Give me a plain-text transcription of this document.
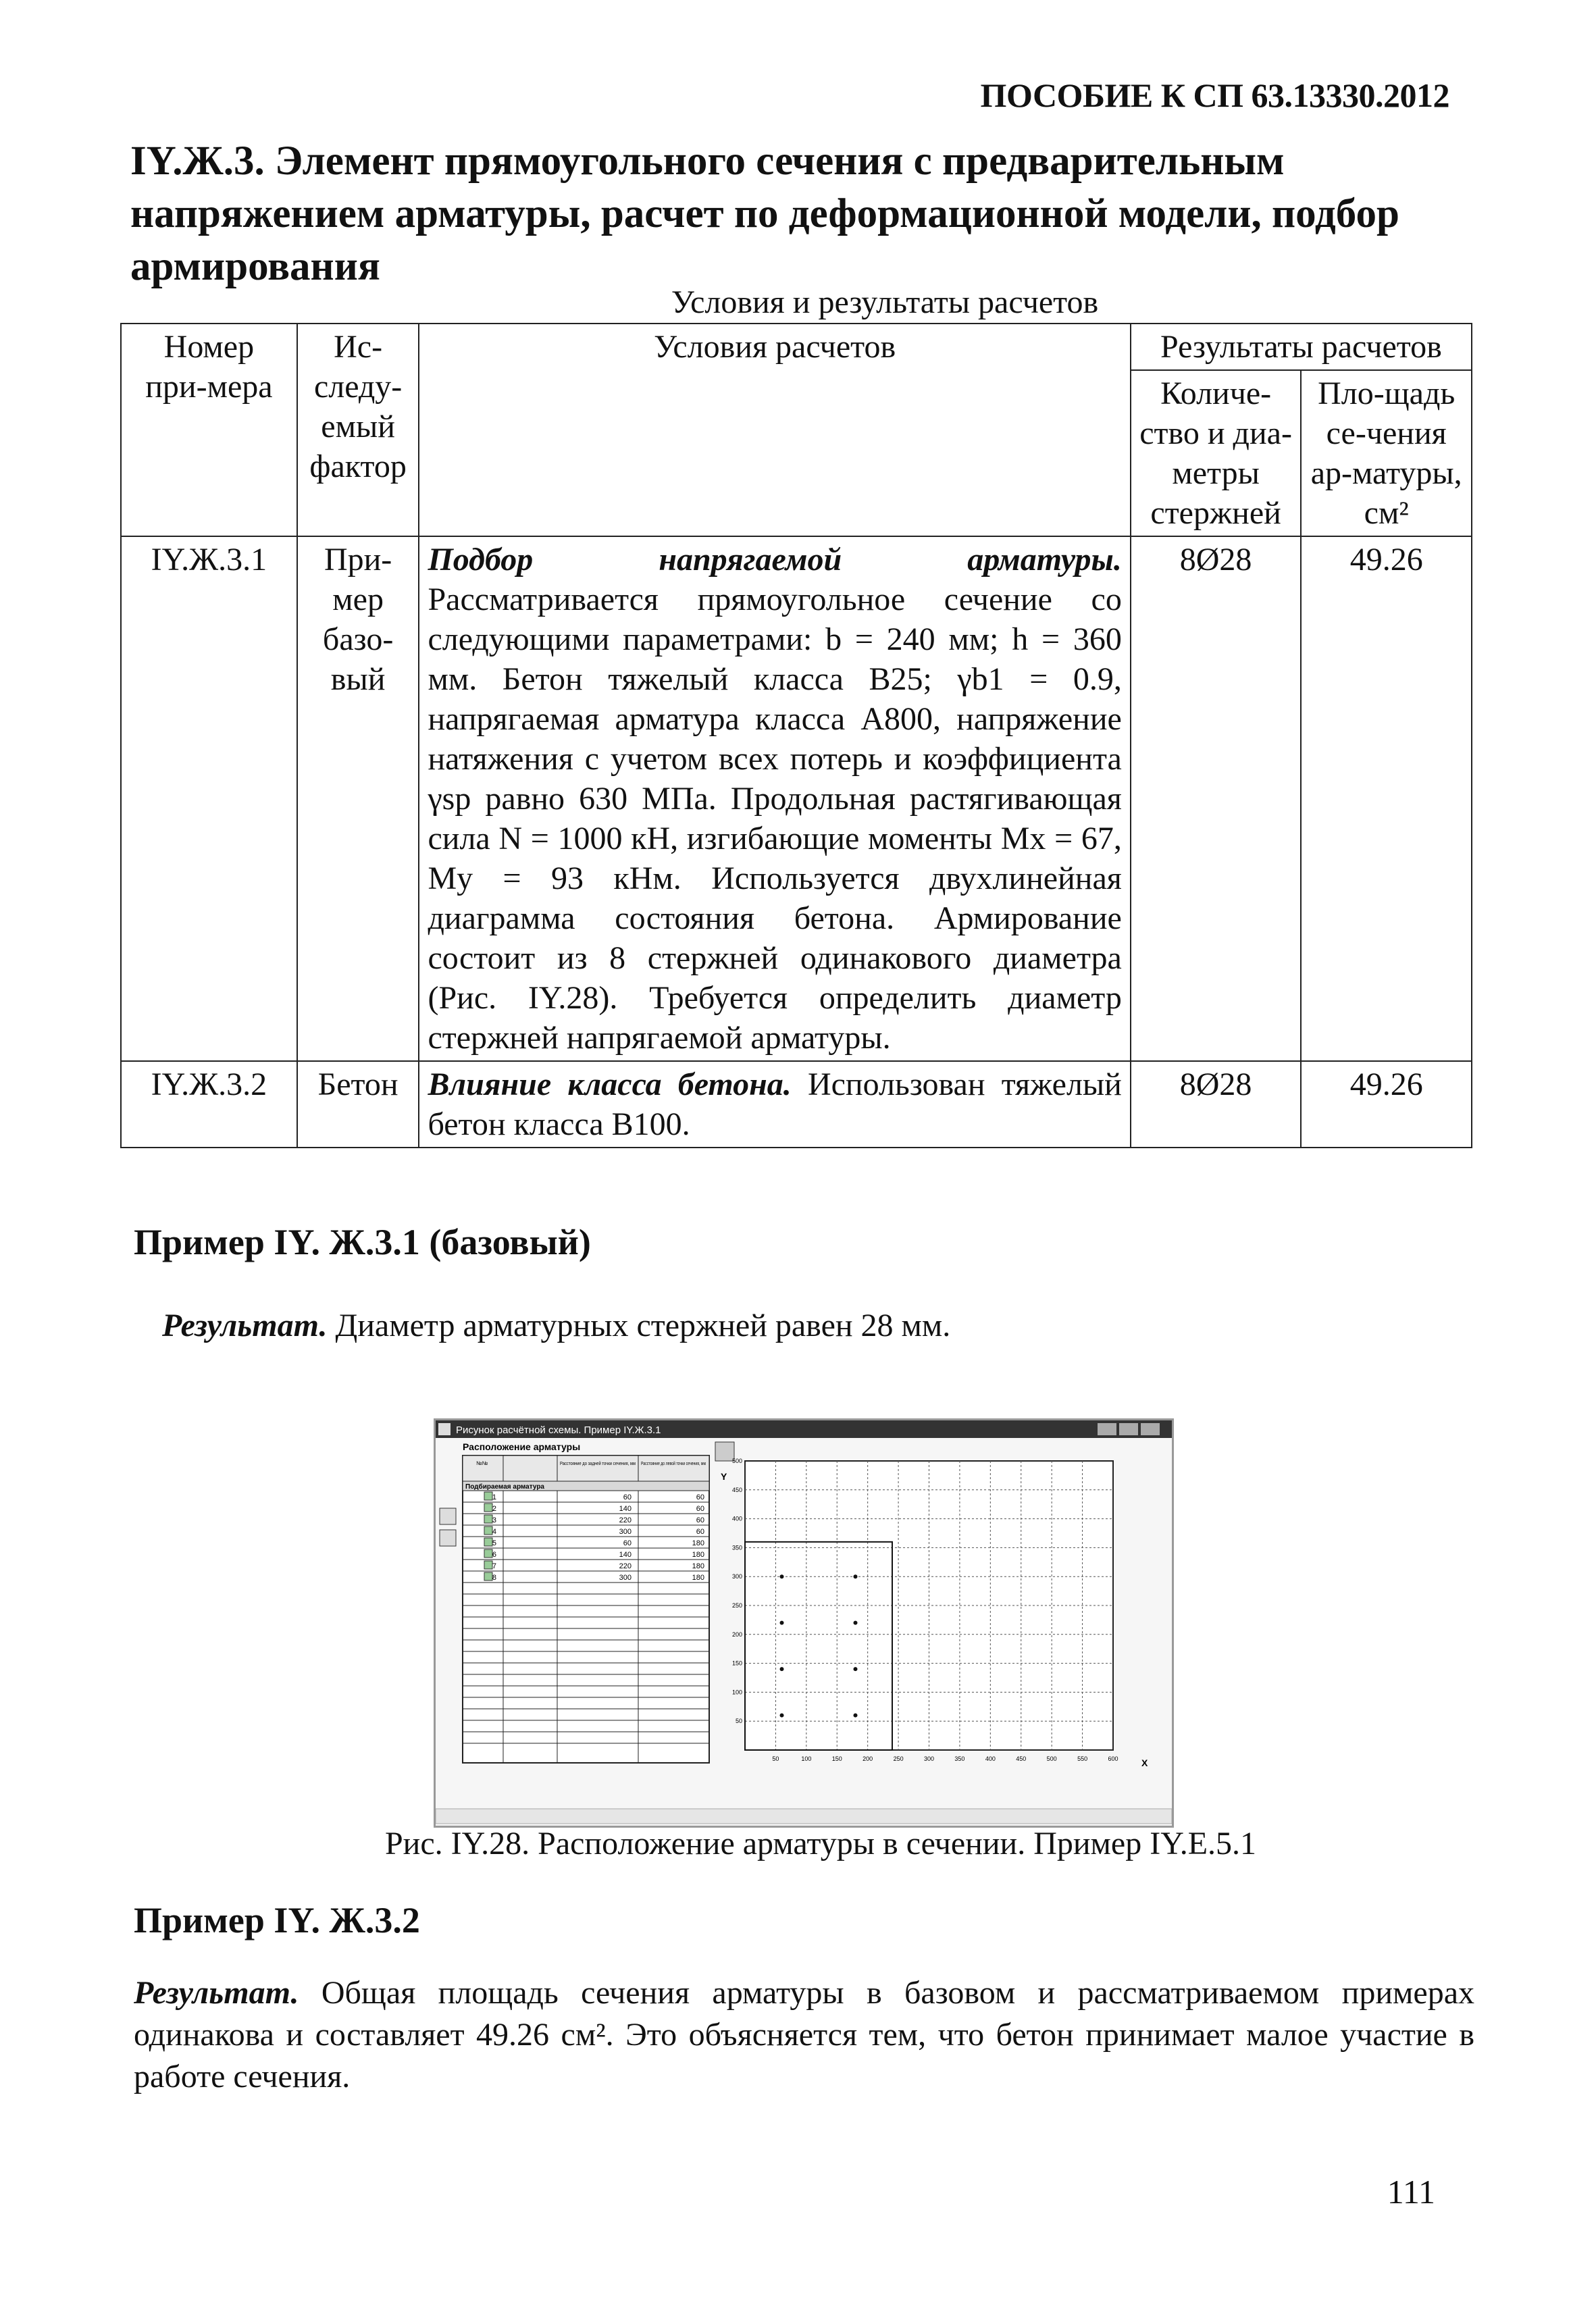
ПОСОБИЕ К СП 63.13330.2012
IY.Ж.3. Элемент прямоугольного сечения с предварительным напряжением арматуры, расчет по деформационной модели, подбор армирования
Условия и результаты расчетов
Номер при-мера	Ис-следу-емый фактор	Условия расчетов	Результаты расчетов	
			Количе-ство и диа-метры стержней	Пло-щадь се-чения ар-матуры, см²
IY.Ж.3.1	При-мер базо-вый	Подбор напрягаемой арматуры. Рассматривается прямоугольное сечение со следующими параметрами: b = 240 мм; h = 360 мм. Бетон тяжелый класса B25; γb1 = 0.9, напрягаемая арматура класса A800, напряжение натяжения с учетом всех потерь и коэффициента γsp равно 630 МПа. Продольная растягивающая сила N = 1000 кН, изгибающие моменты Mx = 67, My = 93 кНм. Используется двухлинейная диаграмма состояния бетона. Армирование состоит из 8 стержней одинакового диаметра (Рис. IY.28). Требуется определить диаметр стержней напрягаемой арматуры.	8Ø28	49.26
IY.Ж.3.2	Бетон	Влияние класса бетона. Использован тяжелый бетон класса B100.	8Ø28	49.26
Пример IY. Ж.3.1 (базовый)
Результат. Диаметр арматурных стержней равен 28 мм.
Рисунок расчётной схемы. Пример IY.Ж.3.1
Расположение арматуры
№№	Расстояние до задней точки сечения, мм
Расстояние до левой точки сечения, мм
Подбираемая арматура
1	60	60
2	140	60
3	220	60
4	300	60
5	60	180
6	140	180
7	220	180
8	300	180
Y
50	100	150	200	250	300	350	400	450	500	550	600
50
100
150
200
250
300
350
400
450
500
X
Рис. IY.28. Расположение арматуры в сечении. Пример IY.E.5.1
Пример IY. Ж.3.2
Результат. Общая площадь сечения арматуры в базовом и рассматриваемом примерах одинакова и составляет 49.26 см². Это объясняется тем, что бетон принимает малое участие в работе сечения.
111
